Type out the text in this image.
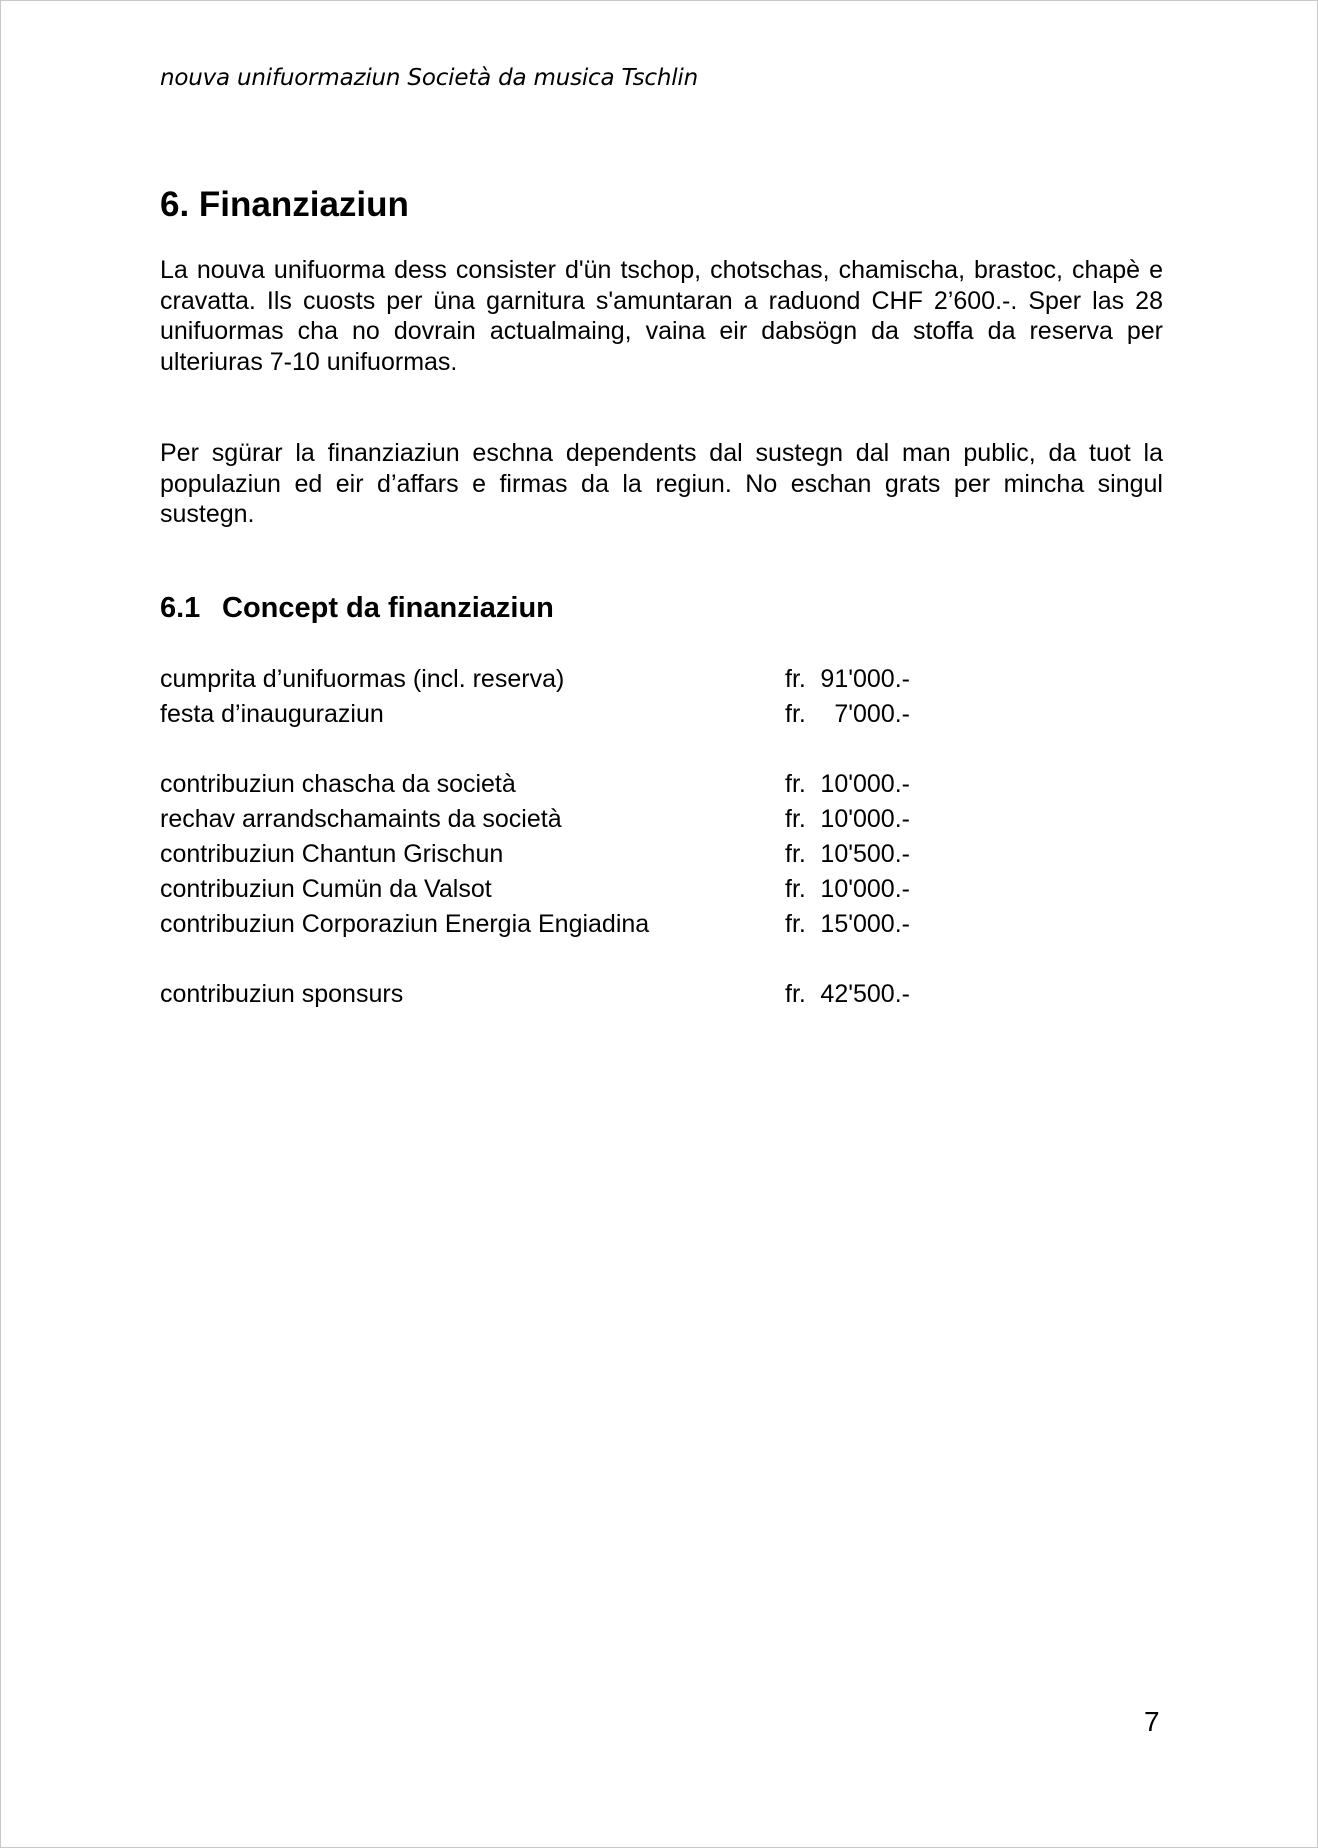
nouva unifuormaziun Società da musica Tschlin
6. Finanziaziun

La nouva unifuorma dess consister d'ün tschop, chotschas, chamischa, brastoc, chapè e cravatta. Ils cuosts per üna garnitura s'amuntaran a raduond CHF 2’600.-. Sper las 28 unifuormas cha no dovrain actualmaing, vaina eir dabsögn da stoffa da reserva per ulteriuras 7-10 unifuormas.

Per sgürar la finanziaziun eschna dependents dal sustegn dal man public, da tuot la populaziun ed eir d’affars e firmas da la regiun. No eschan grats per mincha singul sustegn.

6.1 Concept da finanziaziun
cumprita d’unifuormas (incl. reserva)	fr. 91'000.-
festa d’inauguraziun	fr. 7'000.-
contribuziun chascha da società	fr. 10'000.-
rechav arrandschamaints da società	fr. 10'000.-
contribuziun Chantun Grischun	fr. 10'500.-
contribuziun Cumün da Valsot	fr. 10'000.-
contribuziun Corporaziun Energia Engiadina	fr. 15'000.-
contribuziun sponsurs	fr. 42'500.-
7
